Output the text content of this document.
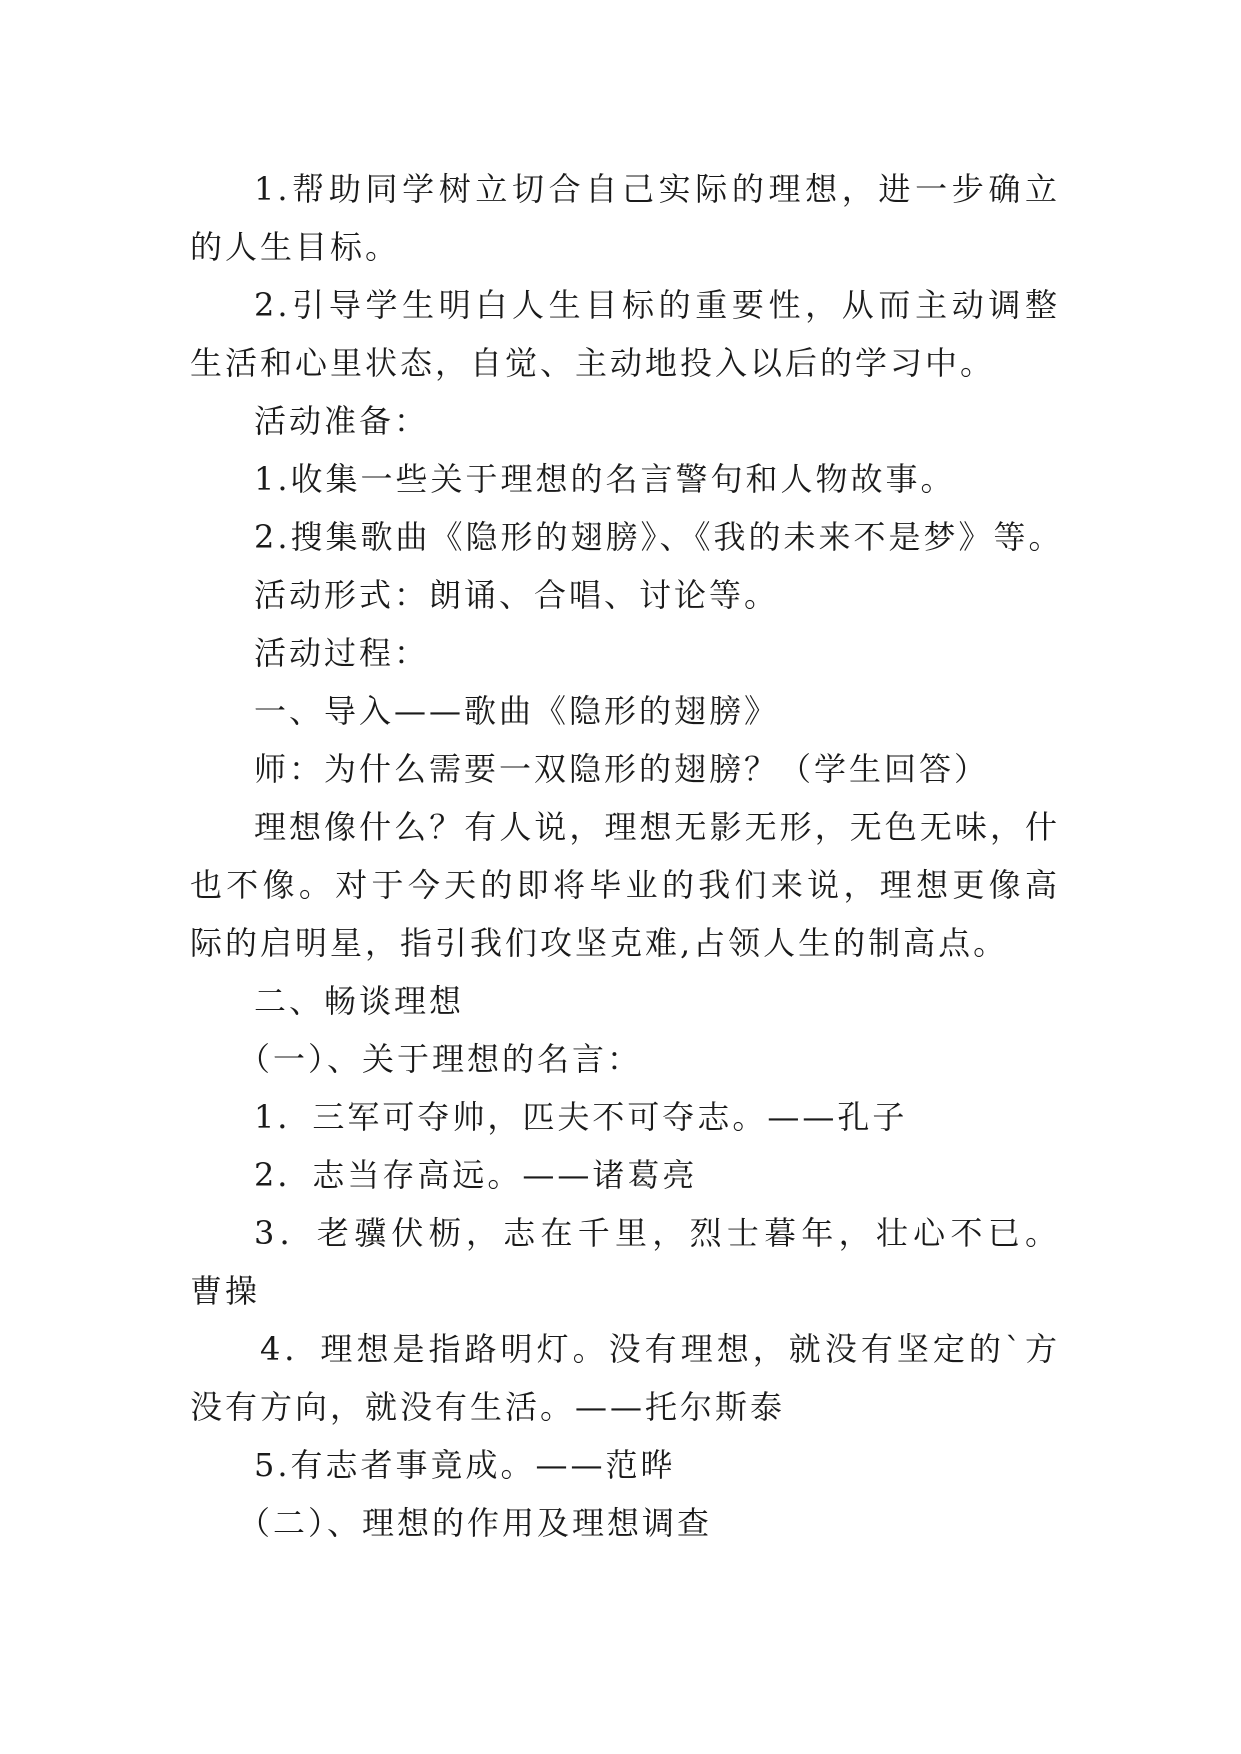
1.帮助同学树立切合自己实际的理想，进一步确立
的人生目标。
2.引导学生明白人生目标的重要性，从而主动调整
生活和心里状态，自觉、主动地投入以后的学习中。
活动准备：
1.收集一些关于理想的名言警句和人物故事。
2.搜集歌曲《隐形的翅膀》、《我的未来不是梦》等。
活动形式：朗诵、合唱、讨论等。
活动过程：
一、导入——歌曲《隐形的翅膀》
师：为什么需要一双隐形的翅膀？（学生回答）
理想像什么？有人说，理想无影无形，无色无味，什
也不像。对于今天的即将毕业的我们来说，理想更像高
际的启明星，指引我们攻坚克难,占领人生的制高点。
二、畅谈理想
（一）、关于理想的名言：
1．三军可夺帅，匹夫不可夺志。——孔子
2．志当存高远。——诸葛亮
3．老骥伏枥，志在千里，烈士暮年，壮心不已。
曹操
4．理想是指路明灯。没有理想，就没有坚定的`方
没有方向，就没有生活。——托尔斯泰
5.有志者事竟成。——范晔
（二）、理想的作用及理想调查
